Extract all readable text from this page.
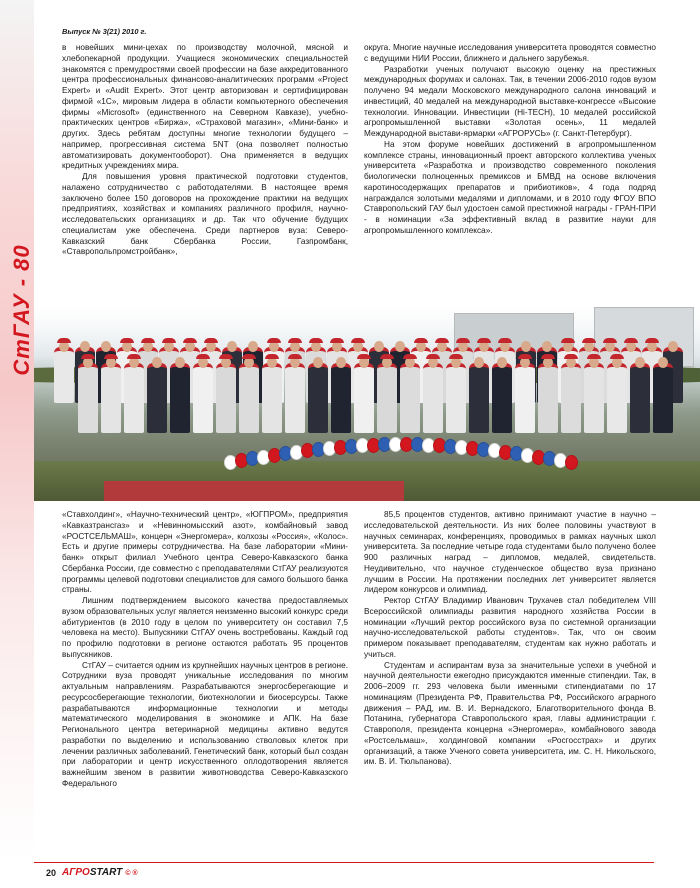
Выпуск № 3(21) 2010 г.
СтГАУ - 80

в новейших мини-цехах по производству молочной, мясной и хлебопекарной продукции. Учащиеся экономических специальностей знакомятся с премудростями своей профессии на базе аккредитованного центра профессиональных финансово-аналитических программ «Project Expert» и «Audit Expert». Этот центр авторизован и сертифицирован фирмой «1С», мировым лидера в области компьютерного обеспечения фирмы «Microsoft» (единственного на Северном Кавказе), учебно-практических центров «Биржа», «Страховой магазин», «Мини-банк» и других. Здесь ребятам доступны многие технологии будущего – например, прогрессивная система 5NT (она позволяет полностью автоматизировать документооборот). Она применяется в ведущих кредитных учреждениях мира.

Для повышения уровня практической подготовки студентов, налажено сотрудничество с работодателями. В настоящее время заключено более 150 договоров на прохождение практики на ведущих предприятиях, хозяйствах и компаниях различного профиля, научно-исследовательских организациях и др. Так что обучение будущих специалистам уже обеспечена. Среди партнеров вуза: Северо-Кавказский банк Сбербанка России, Газпромбанк, «Ставропольпромстройбанк»,

округа. Многие научные исследования университета проводятся совместно с ведущими НИИ России, ближнего и дальнего зарубежья.

Разработки ученых получают высокую оценку на престижных международных форумах и салонах. Так, в течении 2006-2010 годов вузом получено 94 медали Московского международного салона инноваций и инвестиций, 40 медалей на международной выставке-конгрессе «Высокие технологии. Инновации. Инвестиции (Hi-TECH), 10 медалей российской агропромышленной выставки «Золотая осень», 11 медалей Международной выстави-ярмарки «АГРОРУСЬ» (г. Санкт-Петербург).

На этом форуме новейших достижений в агропромышленном комплексе страны, инновационный проект авторского коллектива ученых университета «Разработка и производство современного поколения биологически полноценных премиксов и БМВД на основе включения каротиносодержащих препаратов и прибиотиков», 4 года подряд награждался золотыми медалями и дипломами, и в 2010 году ФГОУ ВПО Ставропольский ГАУ был удостоен самой престижной награды - ГРАН-ПРИ - в номинации «За эффективный вклад в развитие науки для агропромышленного комплекса».

«Ставхолдинг», «Научно-технический центр», «ЮГПРОМ», предприятия «Кавказтрансгаз» и «Невинномысский азот», комбайновый завод «РОСТСЕЛЬМАШ», концерн «Энергомера», колхозы «Россия», «Колос». Есть и другие примеры сотрудничества. На базе лаборатории «Мини-банк» открыт филиал Учебного центра Северо-Кавказского банка Сбербанка России, где совместно с преподавателями СтГАУ реализуются программы целевой подготовки специалистов для самого большого банка страны.

Лишним подтверждением высокого качества предоставляемых вузом образовательных услуг является неизменно высокий конкурс среди абитуриентов (в 2010 году в целом по университету он составил 7,5 человека на место). Выпускники СтГАУ очень востребованы. Каждый год по профилю подготовки в регионе остаются работать 95 процентов выпускников.

СтГАУ – считается одним из крупнейших научных центров в регионе. Сотрудники вуза проводят уникальные исследования по многим актуальным направлениям. Разрабатываются энергосберегающие и ресурсосберегающие технологии, биотехнологии и биосерсурсы. Также разрабатываются информационные технологии и методы математического моделирования в экономике и АПК. На базе Регионального центра ветеринарной медицины активно ведутся разработки по выделению и использованию стволовых клеток при лечении различных заболеваний. Генетический банк, который был создан при лаборатории и центр искусственного оплодотворения является важнейшим звеном в развитии животноводства Северо-Кавказского Федерального

85,5 процентов студентов, активно принимают участие в научно – исследовательской деятельности. Из них более половины участвуют в научных семинарах, конференциях, проводимых в рамках научных школ университета. За последние четыре года студентами было получено более 900 различных наград – дипломов, медалей, свидетельств. Неудивительно, что научное студенческое общество вуза признано лучшим в России. На протяжении последних лет университет является лидером конкурсов и олимпиад.

Ректор СтГАУ Владимир Иванович Трухачев стал победителем VIII Всероссийской олимпиады развития народного хозяйства России в номинации «Лучший ректор российского вуза по системной организации научно-исследовательской работы студентов». Так, что он своим примером показывает преподавателям, студентам как нужно работать и учиться.

Студентам и аспирантам вуза за значительные успехи в учебной и научной деятельности ежегодно присуждаются именные стипендии. Так, в 2006–2009 гг. 293 человека были именными стипендиатами по 17 номинациям (Президента РФ, Правительства РФ, Российского аграрного движения – РАД, им. В. И. Вернадского, Благотворительного фонда В. Потанина, губернатора Ставропольского края, главы администрации г. Ставрополя, президента концерна «Энергомера», комбайнового завода «Ростсельмаш», холдинговой компании «Росгосстрах» и других организаций, а также Ученого совета университета, им. С. Н. Никольского, им. В. И. Тюльпанова).

20 АГРОSTART © ®
